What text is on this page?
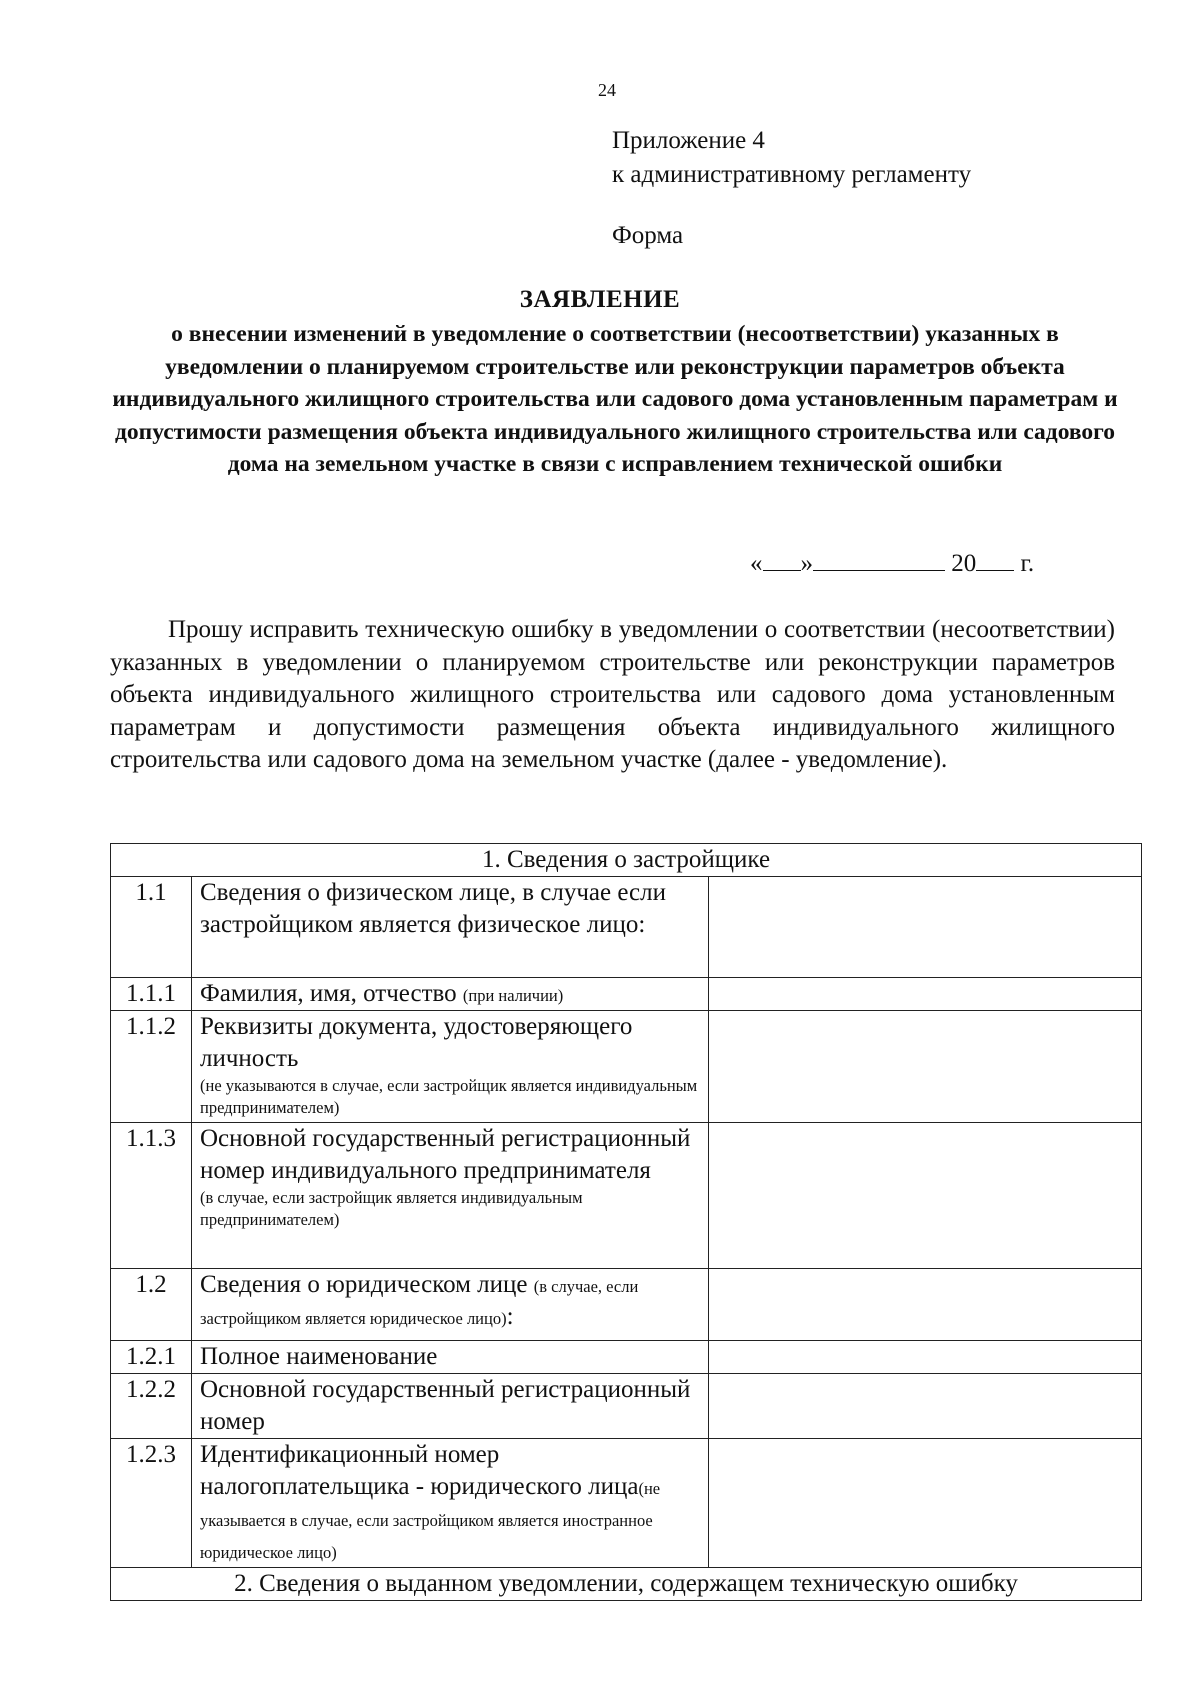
24
Приложение 4
к административному регламенту
Форма
ЗАЯВЛЕНИЕ
о внесении изменений в уведомление о соответствии (несоответствии) указанных в уведомлении о планируемом строительстве или реконструкции параметров объекта индивидуального жилищного строительства или садового дома установленным параметрам и допустимости размещения объекта индивидуального жилищного строительства или садового дома на земельном участке в связи с исправлением технической ошибки
« »	20 г.
Прошу исправить техническую ошибку в уведомлении о соответствии (несоответствии) указанных в уведомлении о планируемом строительстве или реконструкции параметров объекта индивидуального жилищного строительства или садового дома установленным параметрам и допустимости размещения объекта индивидуального жилищного строительства или садового дома на земельном участке (далее - уведомление).
1. Сведения о застройщике		
1.1	Сведения о физическом лице, в случае если застройщиком является физическое лицо:	
1.1.1	Фамилия, имя, отчество (при наличии)	
1.1.2	Реквизиты документа, удостоверяющего личность
(не указываются в случае, если застройщик является индивидуальным предпринимателем)	

1.1.3	Основной государственный регистрационный номер индивидуального предпринимателя
(в случае, если застройщик является индивидуальным предпринимателем)	

1.2	Сведения о юридическом лице (в случае, если застройщиком является юридическое лицо):	
1.2.1	Полное наименование	
1.2.2	Основной государственный регистрационный номер	
1.2.3	Идентификационный номер налогоплательщика - юридического лица(не указывается в случае, если застройщиком является иностранное юридическое лицо)	
2. Сведения о выданном уведомлении, содержащем техническую ошибку		
